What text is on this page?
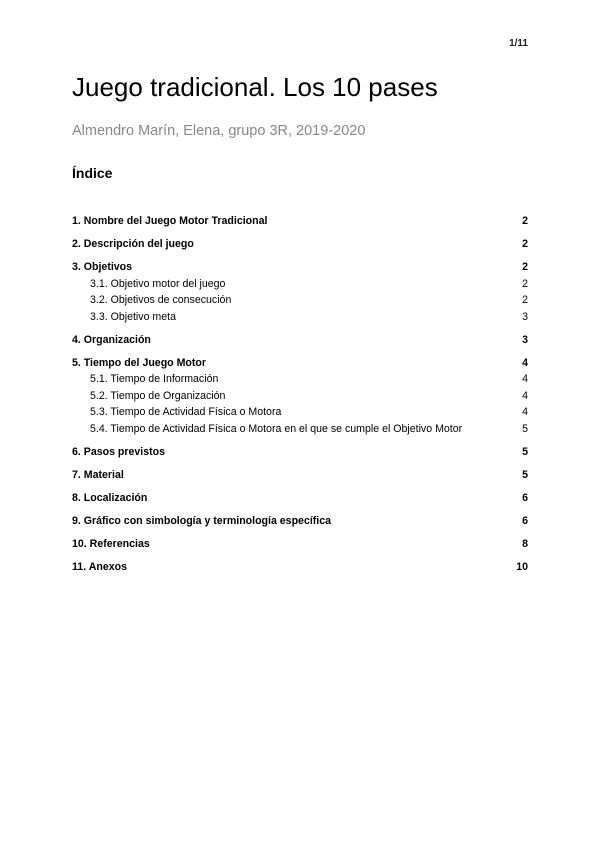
1/11
Juego tradicional. Los 10 pases

Almendro Marín, Elena, grupo 3R, 2019-2020

Índice
1. Nombre del Juego Motor Tradicional	2
2. Descripción del juego	2
3. Objetivos	2
3.1. Objetivo motor del juego	2
3.2. Objetivos de consecución	2
3.3. Objetivo meta	3
4. Organización	3
5. Tiempo del Juego Motor	4
5.1. Tiempo de Información	4
5.2. Tiempo de Organización	4
5.3. Tiempo de Actividad Física o Motora	4
5.4. Tiempo de Actividad Física o Motora en el que se cumple el Objetivo Motor	5
6. Pasos previstos	5
7. Material	5
8. Localización	6
9. Gráfico con simbología y terminología específica	6
10. Referencias	8
11. Anexos	10
